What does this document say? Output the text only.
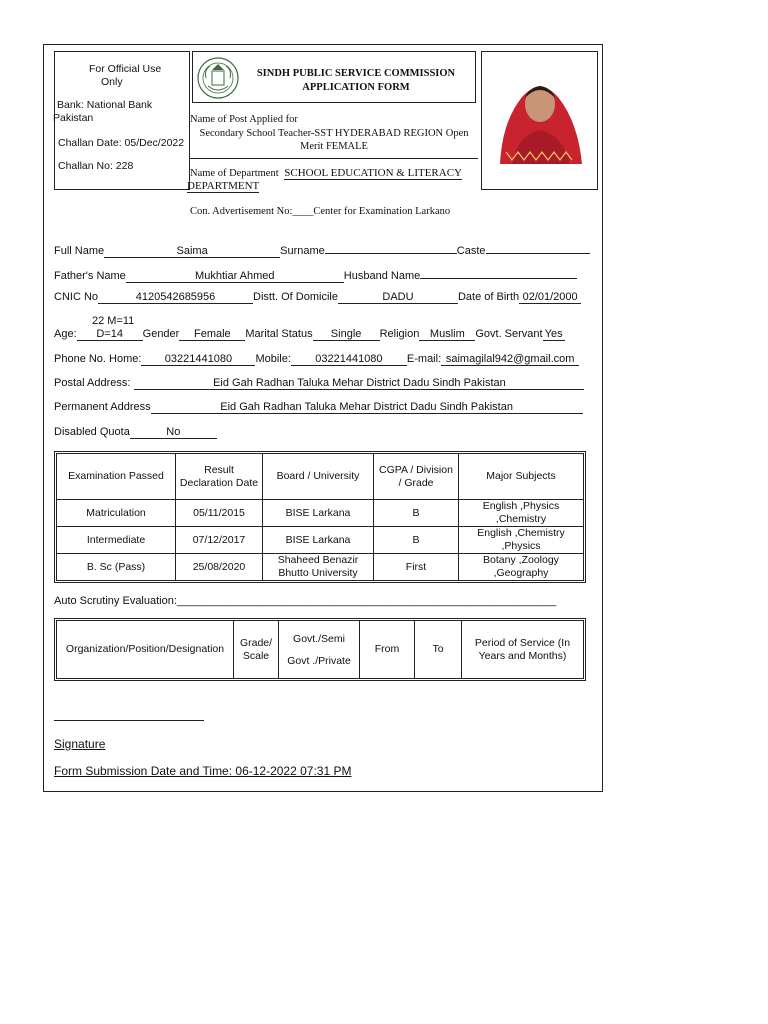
For Official Use
Only
Bank: National Bank
Pakistan
Challan Date: 05/Dec/2022
Challan No: 228
SINDH PUBLIC SERVICE COMMISSION
APPLICATION FORM
Name of Post Applied for
Secondary School Teacher-SST HYDERABAD REGION Open
Merit FEMALE
Name of Department SCHOOL EDUCATION & LITERACY
DEPARTMENT
Con. Advertisement No:____Center for Examination Larkano
Full Name	Saima	Surname	Caste
Father's Name	Mukhtiar Ahmed	Husband Name
CNIC No	4120542685956	Distt. Of Domicile	DADU	Date of Birth 02/01/2000
22 M=11
Age: D=14 Gender Female Marital Status Single Religion Muslim Govt. Servant Yes
Phone No. Home: 03221441080 Mobile: 03221441080 E-mail: saimagilal942@gmail.com
Postal Address:	Eid Gah Radhan Taluka Mehar District Dadu Sindh Pakistan
Permanent Address	Eid Gah Radhan Taluka Mehar District Dadu Sindh Pakistan
Disabled Quota	No
Examination Passed	Result Declaration Date	Board / University	CGPA / Division / Grade	Major Subjects
Matriculation	05/11/2015	BISE Larkana	B	English ,Physics ,Chemistry
Intermediate	07/12/2017	BISE Larkana	B	English ,Chemistry ,Physics
B. Sc (Pass)	25/08/2020	Shaheed Benazir Bhutto University	First	Botany ,Zoology ,Geography
Auto Scrutiny Evaluation:______________________________________________________________
Organization/Position/Designation	Grade/ Scale	Govt./Semi Govt ./Private	From	To	Period of Service (In Years and Months)
Signature
Form Submission Date and Time: 06-12-2022 07:31 PM
